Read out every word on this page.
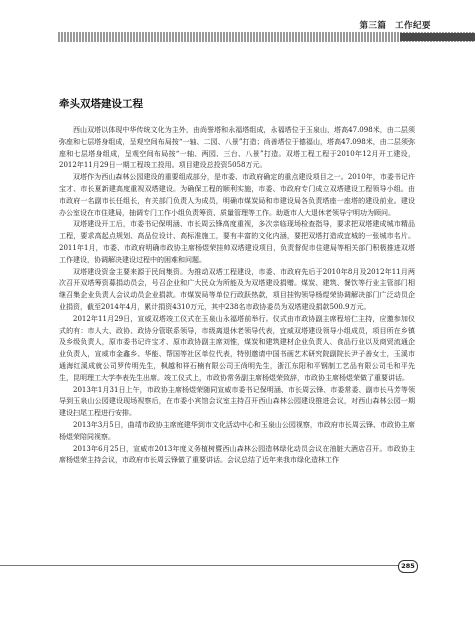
第三篇 工作纪要
牵头双塔建设工程

西山双塔以体现中华传统文化为主外，由尚誉塔和永福塔组成，永福塔位于玉泉山，塔高47.098米，由二层须弥座和七层塔身组成，呈观空间布局按“一轴、二园、八景”打造；尚善塔位于德福山，塔高47.098米，由二层须弥座和七层塔身组成，呈观空间布局按“一轴、两园、三台、八景”打造。双塔工程工程于2010年12月开工建设，2012年11月29日一期工程竣工投用。项目建设总投资5058万元。

双塔作为西山森林公园建设的重要组成部分，是市委、市政府确定的重点建设项目之一。2010年，市委书记许宝才、市长夏新建高度重视双塔建设。为确保工程的顺利实施，市委、市政府专门成立双塔建设工程领导小组。由市政府一名副市长任组长，有关部门负责人为成员，明确市煤炭局和市建设局各负责塔座一座塔的建设前业。建设办公室设在市住建局，抽调专门工作小组负责筹资、质量管理等工作。助逝市人大退休老领导宁明功为顾问。

双塔建设开工后，市委书记保明涵、市长周云锋高度重视，多次亲临现场检查指导，要求把双塔建成城市精品工程，要求高起点规划、高品位设计、高标准施工，要有丰富的文化内涵，要把双塔打造成宜城的一张城市名片。2011年1月，市委、市政府明确市政协主席杨煜荣挂帅双塔建设项目，负责督促市住建局等相关部门积极推进双塔工作建设，协调解决建设过程中的困难和问题。

双塔建设资金主要来源于民间集资。为推动双塔工程建设，市委、市政府先后于2010年8月及2012年11月两次召开双塔筹资募捐动员会，号召企业和广大民众为所能及为双塔建设捐赠。煤炭、建筑、餐饮等行业主管部门相继召集企业负责人会议动员企业捐款。市煤炭局等单位行政跃热款，项目挂钩领导杨煜荣协调解决部门广泛动员企业捐资，截至2014年4月，累计捐资4310万元，其中238名市政协委员为双塔建设捐款500.9万元。

2012年11月29日，宣威双塔竣工仪式在玉泉山永福塔前举行。仪式由市政协副主席程培仁主持，应邀参加仪式的有：市人大、政协、政协分管联系领导，市级离退休老领导代表，宜威双塔建设领导小组成员，项目所在乡镇及乡级负责人，原市委书记许宝才、原市政协副主席刘惟，煤炭和建筑建材企业负责人、食品行业以及商贸流通企业负责人，宣威市金鑫乡、华能、帮国等社区单位代表，特别邀请中国书画艺术研究院副院长尹子善女士，玉溪市通海红溪成就公司罗传明先生，枫越和祥石楠有限公司王尚明先生，浙江东阳和平钢制工艺品有限公司毛和平先生，昆明理工大学李表先生出席。竣工仪式上，市政协常务副主席杨煜荣致辞，市政协主席杨煜荣做了重要讲话。

2013年1月31日上午，市政协主席杨煜荣随同宣威市委书记保明涵、市长周云锋、市委常委、副市长马芳等领导到玉泉山公园建设现场视察后，在市委小宾馆会议室主持召开西山森林公园建设推进会议，对西山森林公园一期建设扫尾工程进行安排。

2013年3月5日，曲靖市政协主席庭建华到市文化活动中心和玉泉山公园视察，市政府市长周云锋、市政协主席杨煜荣陪同视察。

2013年6月25日，宣威市2013年度义务植树暨西山森林公园造林绿化动员会议在油脏大酒店召开。市政协主席杨煜荣主持会议，市政府市长周云锋做了重要讲话。会议总结了近年来我市绿化造林工作

285
